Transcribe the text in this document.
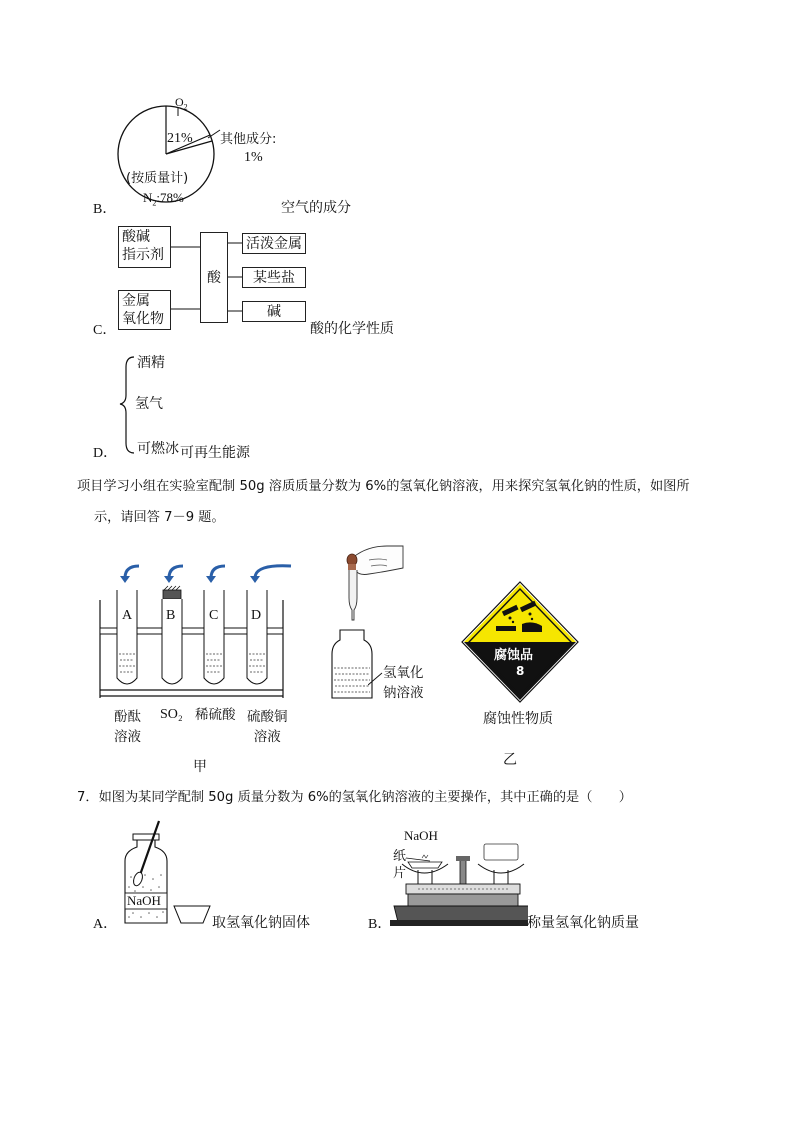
B．
$O_2$
21% 其他成分:
1%
(按质量计)
$N_2:78\%$
空气的成分
酸碱
指示剂
金属
氧化物
酸
活泼金属
某些盐
碱
C．	酸的化学性质
酒精
氢气
可燃冰 可再生能源
D．
项目学习小组在实验室配制 50g 溶质质量分数为 6%的氢氧化钠溶液，用来探究氢氧化钠的性质，如图所
示，请回答 7－9 题。
A B C D
酚酞
溶液
SO₂ 稀硫酸 硫酸铜
溶液
氢氧化
钠溶液
甲
腐蚀品
8
腐蚀性物质
乙
7．如图为某同学配制 50g 质量分数为 6%的氢氧化钠溶液的主要操作，其中正确的是（　　）
NaOH
A．	取氢氧化钠固体
NaOH
纸
片
B．	称量氢氧化钠质量
